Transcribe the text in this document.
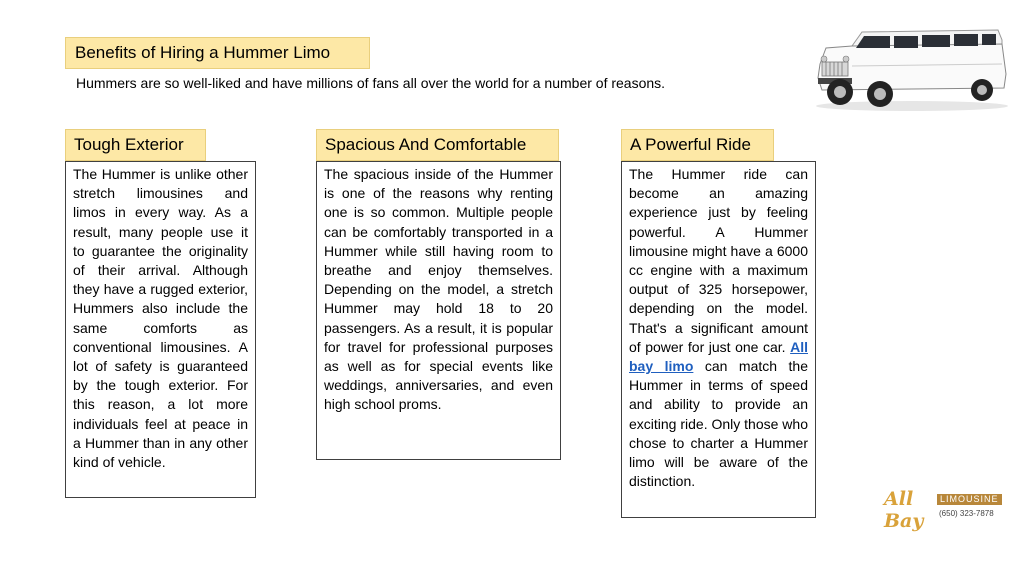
Benefits of Hiring a Hummer Limo
Hummers are so well-liked and have millions of fans all over the world for a number of reasons.
Tough Exterior
The Hummer is unlike other stretch limousines and limos in every way. As a result, many people use it to guarantee the originality of their arrival. Although they have a rugged exterior, Hummers also include the same comforts as conventional limousines. A lot of safety is guaranteed by the tough exterior. For this reason, a lot more individuals feel at peace in a Hummer than in any other kind of vehicle.
Spacious And Comfortable
The spacious inside of the Hummer is one of the reasons why renting one is so common. Multiple people can be comfortably transported in a Hummer while still having room to breathe and enjoy themselves. Depending on the model, a stretch Hummer may hold 18 to 20 passengers. As a result, it is popular for travel for professional purposes as well as for special events like weddings, anniversaries, and even high school proms.
A Powerful Ride
The Hummer ride can become an amazing experience just by feeling powerful. A Hummer limousine might have a 6000 cc engine with a maximum output of 325 horsepower, depending on the model. That's a significant amount of power for just one car. All bay limo can match the Hummer in terms of speed and ability to provide an exciting ride. Only those who chose to charter a Hummer limo will be aware of the distinction.
All Bay
LIMOUSINE
(650) 323-7878
